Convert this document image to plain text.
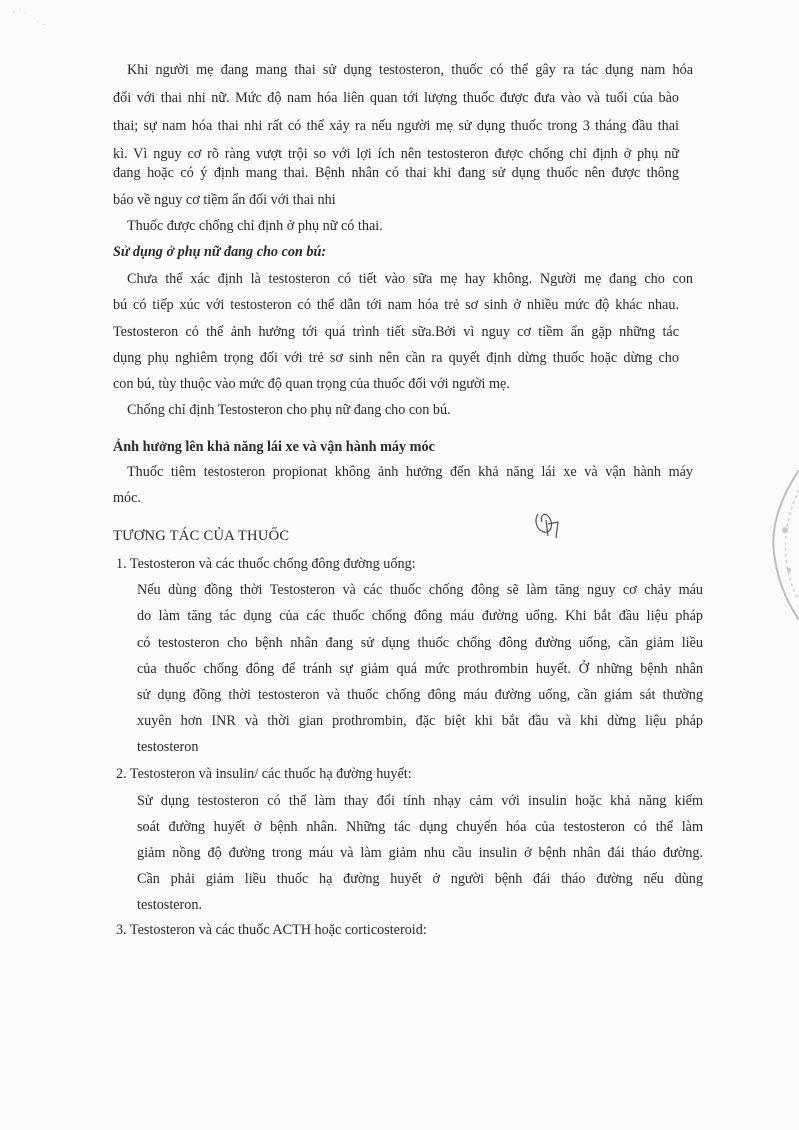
· ˙ ·
˙ ·
Khi người mẹ đang mang thai sử dụng testosteron, thuốc có thể gây ra tác dụng nam hóa
đối với thai nhi nữ. Mức độ nam hóa liên quan tới lượng thuốc được đưa vào và tuổi của bào
thai; sự nam hóa thai nhi rất có thể xảy ra nếu người mẹ sử dụng thuốc trong 3 tháng đầu thai
kì. Vì nguy cơ rõ ràng vượt trội so với lợi ích nên testosteron được chống chỉ định ở phụ nữ
đang hoặc có ý định mang thai. Bệnh nhân có thai khi đang sử dụng thuốc nên được thông
báo về nguy cơ tiềm ẩn đối với thai nhi
Thuốc được chống chỉ định ở phụ nữ có thai.
Sử dụng ở phụ nữ đang cho con bú:
Chưa thể xác định là testosteron có tiết vào sữa mẹ hay không. Người mẹ đang cho con
bú có tiếp xúc với testosteron có thể dẫn tới nam hóa trẻ sơ sinh ở nhiều mức độ khác nhau.
Testosteron có thể ảnh hưởng tới quá trình tiết sữa.Bởi vì nguy cơ tiềm ẩn gặp những tác
dụng phụ nghiêm trọng đối với trẻ sơ sinh nên cần ra quyết định dừng thuốc hoặc dừng cho
con bú, tùy thuộc vào mức độ quan trọng của thuốc đối với người mẹ.
Chống chỉ định Testosteron cho phụ nữ đang cho con bú.
Ảnh hưởng lên khả năng lái xe và vận hành máy móc
Thuốc tiêm testosteron propionat không ảnh hưởng đến khả năng lái xe và vận hành máy
móc.
TƯƠNG TÁC CỦA THUỐC
1. Testosteron và các thuốc chống đông đường uống:
Nếu dùng đồng thời Testosteron và các thuốc chống đông sẽ làm tăng nguy cơ chảy máu
do làm tăng tác dụng của các thuốc chống đông máu đường uống. Khi bắt đầu liệu pháp
có testosteron cho bệnh nhân đang sử dụng thuốc chống đông đường uống, cần giảm liều
của thuốc chống đông để tránh sự giảm quá mức prothrombin huyết. Ở những bệnh nhân
sử dụng đồng thời testosteron và thuốc chống đông máu đường uống, cần giám sát thường
xuyên hơn INR và thời gian prothrombin, đặc biệt khi bắt đầu và khi dừng liệu pháp
testosteron
2. Testosteron và insulin/ các thuốc hạ đường huyết:
Sử dụng testosteron có thể làm thay đổi tính nhạy cảm với insulin hoặc khả năng kiểm
soát đường huyết ở bệnh nhân. Những tác dụng chuyển hóa của testosteron có thể làm
giảm nồng độ đường trong máu và làm giảm nhu cầu insulin ở bệnh nhân đái tháo đường.
Cần phải giảm liều thuốc hạ đường huyết ở người bệnh đái tháo đường nếu dùng
testosteron.
3. Testosteron và các thuốc ACTH hoặc corticosteroid:
